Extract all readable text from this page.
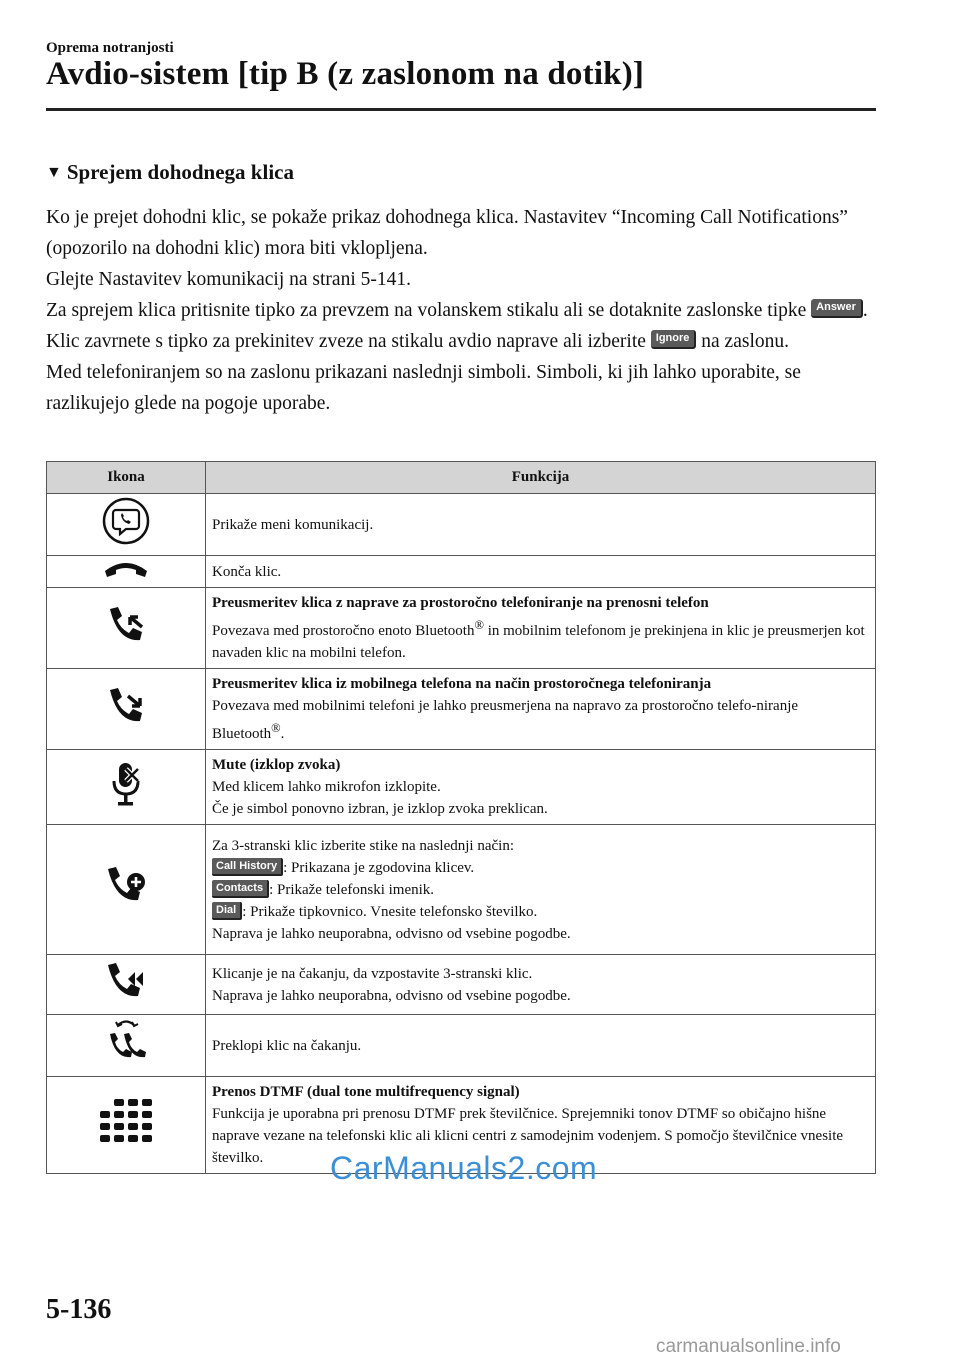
Oprema notranjosti
Avdio-sistem [tip B (z zaslonom na dotik)]
▼ Sprejem dohodnega klica

Ko je prejet dohodni klic, se pokaže prikaz dohodnega klica. Nastavitev “Incoming Call Notifications” (opozorilo na dohodni klic) mora biti vklopljena.

Glejte Nastavitev komunikacij na strani 5-141.

Za sprejem klica pritisnite tipko za prevzem na volanskem stikalu ali se dotaknite zaslonske tipke Answer .

Klic zavrnete s tipko za prekinitev zveze na stikalu avdio naprave ali izberite Ignore na zaslonu.

Med telefoniranjem so na zaslonu prikazani naslednji simboli. Simboli, ki jih lahko uporabite, se razlikujejo glede na pogoje uporabe.

Ikona	Funkcija
	Prikaže meni komunikacij.
	Konča klic.

Preusmeritev klica z naprave za prostoročno telefoniranje na prenosni telefon
Povezava med prostoročno enoto Bluetooth® in mobilnim telefonom je prekinjena in klic je preusmerjen kot navaden klic na mobilni telefon.

Preusmeritev klica iz mobilnega telefona na način prostoročnega telefoniranja
Povezava med mobilnimi telefoni je lahko preusmerjena na napravo za prostoročno telefo-niranje Bluetooth®.

Mute (izklop zvoka)
Med klicem lahko mikrofon izklopite.
Če je simbol ponovno izbran, je izklop zvoka preklican.

Za 3-stranski klic izberite stike na naslednji način:
Call History : Prikazana je zgodovina klicev.
Contacts : Prikaže telefonski imenik.
Dial : Prikaže tipkovnico. Vnesite telefonsko številko.
Naprava je lahko neuporabna, odvisno od vsebine pogodbe.

Klicanje je na čakanju, da vzpostavite 3-stranski klic.
Naprava je lahko neuporabna, odvisno od vsebine pogodbe.

	Preklopi klic na čakanju.

Prenos DTMF (dual tone multifrequency signal)
Funkcija je uporabna pri prenosu DTMF prek številčnice. Sprejemniki tonov DTMF so običajno hišne naprave vezane na telefonski klic ali klicni centri z samodejnim vodenjem. S pomočjo številčnice vnesite številko.	CarManuals2.com
5-136
carmanualsonline.info
